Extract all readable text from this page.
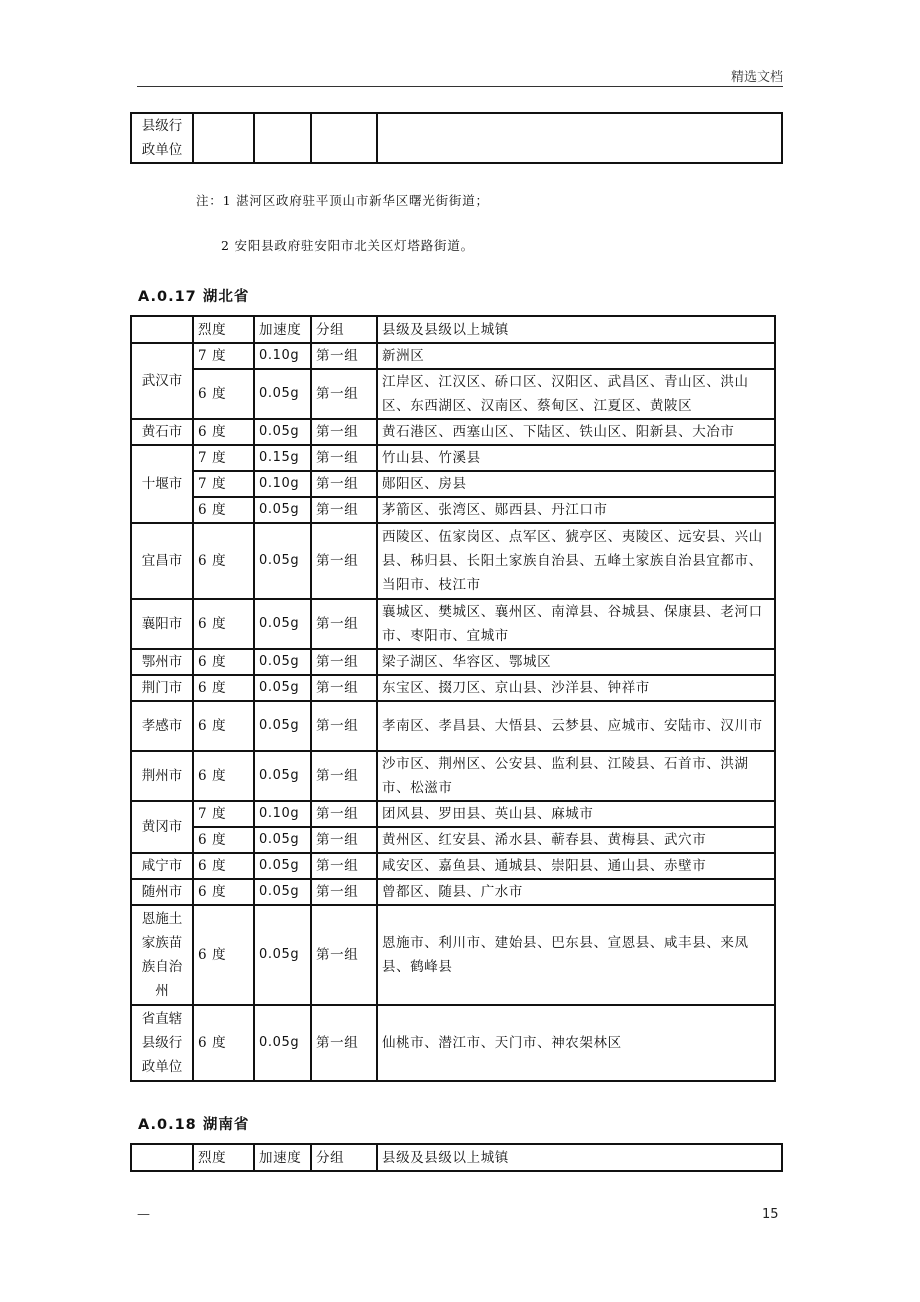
精选文档
县级行
政单位

注：1 湛河区政府驻平顶山市新华区曙光街街道；
2 安阳县政府驻安阳市北关区灯塔路街道。
A.0.17 湖北省
	烈度	加速度	分组	县级及县级以上城镇
武汉市	7 度	0.10g	第一组	新洲区
	6 度	0.05g	第一组	江岸区、江汉区、硚口区、汉阳区、武昌区、青山区、洪山区、东西湖区、汉南区、蔡甸区、江夏区、黄陂区
黄石市	6 度	0.05g	第一组	黄石港区、西塞山区、下陆区、铁山区、阳新县、大冶市
十堰市	7 度	0.15g	第一组	竹山县、竹溪县
	7 度	0.10g	第一组	郧阳区、房县
	6 度	0.05g	第一组	茅箭区、张湾区、郧西县、丹江口市
宜昌市	6 度	0.05g	第一组	西陵区、伍家岗区、点军区、猇亭区、夷陵区、远安县、兴山县、秭归县、长阳土家族自治县、五峰土家族自治县宜都市、当阳市、枝江市
襄阳市	6 度	0.05g	第一组	襄城区、樊城区、襄州区、南漳县、谷城县、保康县、老河口市、枣阳市、宜城市
鄂州市	6 度	0.05g	第一组	梁子湖区、华容区、鄂城区
荆门市	6 度	0.05g	第一组	东宝区、掇刀区、京山县、沙洋县、钟祥市
孝感市	6 度	0.05g	第一组	孝南区、孝昌县、大悟县、云梦县、应城市、安陆市、汉川市
荆州市	6 度	0.05g	第一组	沙市区、荆州区、公安县、监利县、江陵县、石首市、洪湖市、松滋市
黄冈市	7 度	0.10g	第一组	团风县、罗田县、英山县、麻城市
	6 度	0.05g	第一组	黄州区、红安县、浠水县、蕲春县、黄梅县、武穴市
咸宁市	6 度	0.05g	第一组	咸安区、嘉鱼县、通城县、崇阳县、通山县、赤壁市
随州市	6 度	0.05g	第一组	曾都区、随县、广水市
恩施土家族苗族自治州	6 度	0.05g	第一组	恩施市、利川市、建始县、巴东县、宣恩县、咸丰县、来凤县、鹤峰县
省直辖县级行政单位	6 度	0.05g	第一组	仙桃市、潜江市、天门市、神农架林区
A.0.18 湖南省
	烈度	加速度	分组	县级及县级以上城镇
—	15
